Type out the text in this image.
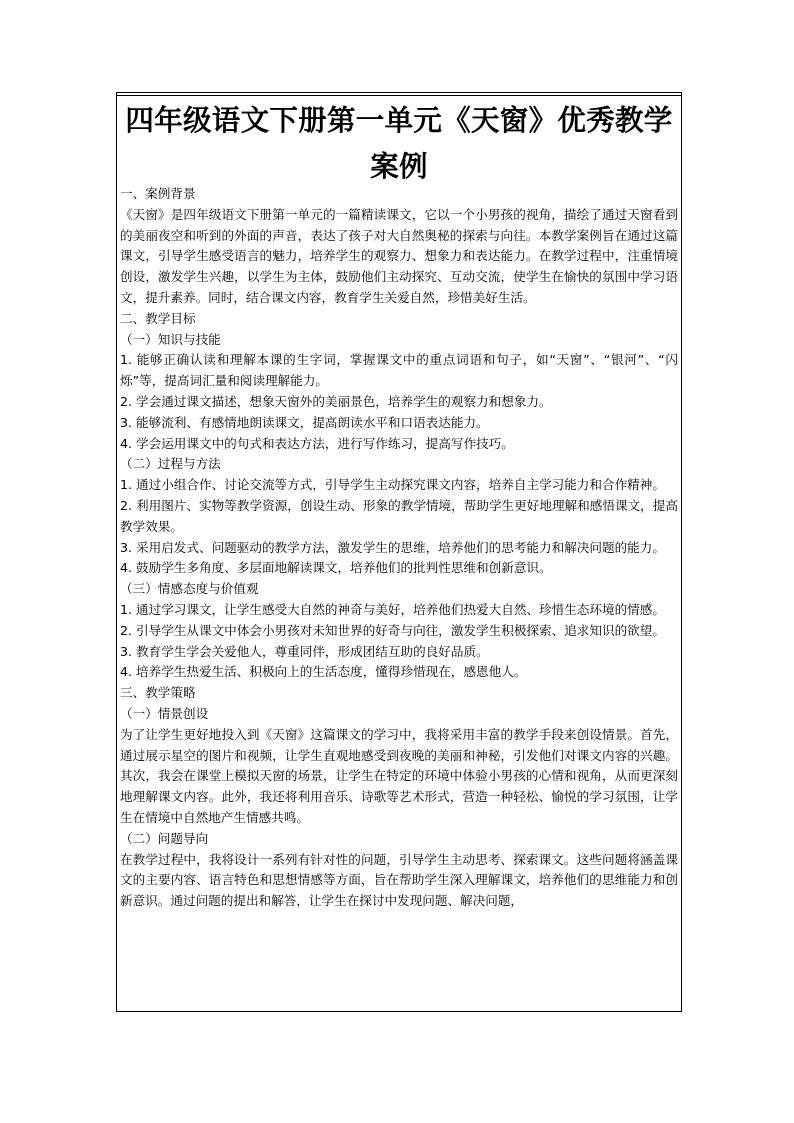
四年级语文下册第一单元《天窗》优秀教学案例

一、案例背景

《天窗》是四年级语文下册第一单元的一篇精读课文，它以一个小男孩的视角，描绘了通过天窗看到的美丽夜空和听到的外面的声音，表达了孩子对大自然奥秘的探索与向往。本教学案例旨在通过这篇课文，引导学生感受语言的魅力，培养学生的观察力、想象力和表达能力。在教学过程中，注重情境创设，激发学生兴趣，以学生为主体，鼓励他们主动探究、互动交流，使学生在愉快的氛围中学习语文，提升素养。同时，结合课文内容，教育学生关爱自然，珍惜美好生活。

二、教学目标

（一）知识与技能

1. 能够正确认读和理解本课的生字词，掌握课文中的重点词语和句子，如“天窗”、“银河”、“闪烁”等，提高词汇量和阅读理解能力。

2. 学会通过课文描述，想象天窗外的美丽景色，培养学生的观察力和想象力。

3. 能够流利、有感情地朗读课文，提高朗读水平和口语表达能力。

4. 学会运用课文中的句式和表达方法，进行写作练习，提高写作技巧。

（二）过程与方法

1. 通过小组合作、讨论交流等方式，引导学生主动探究课文内容，培养自主学习能力和合作精神。

2. 利用图片、实物等教学资源，创设生动、形象的教学情境，帮助学生更好地理解和感悟课文，提高教学效果。

3. 采用启发式、问题驱动的教学方法，激发学生的思维，培养他们的思考能力和解决问题的能力。

4. 鼓励学生多角度、多层面地解读课文，培养他们的批判性思维和创新意识。

（三）情感态度与价值观

1. 通过学习课文，让学生感受大自然的神奇与美好，培养他们热爱大自然、珍惜生态环境的情感。

2. 引导学生从课文中体会小男孩对未知世界的好奇与向往，激发学生积极探索、追求知识的欲望。

3. 教育学生学会关爱他人，尊重同伴，形成团结互助的良好品质。

4. 培养学生热爱生活、积极向上的生活态度，懂得珍惜现在，感恩他人。

三、教学策略

（一）情景创设

为了让学生更好地投入到《天窗》这篇课文的学习中，我将采用丰富的教学手段来创设情景。首先，通过展示星空的图片和视频，让学生直观地感受到夜晚的美丽和神秘，引发他们对课文内容的兴趣。其次，我会在课堂上模拟天窗的场景，让学生在特定的环境中体验小男孩的心情和视角，从而更深刻地理解课文内容。此外，我还将利用音乐、诗歌等艺术形式，营造一种轻松、愉悦的学习氛围，让学生在情境中自然地产生情感共鸣。

（二）问题导向

在教学过程中，我将设计一系列有针对性的问题，引导学生主动思考、探索课文。这些问题将涵盖课文的主要内容、语言特色和思想情感等方面，旨在帮助学生深入理解课文，培养他们的思维能力和创新意识。通过问题的提出和解答，让学生在探讨中发现问题、解决问题，
